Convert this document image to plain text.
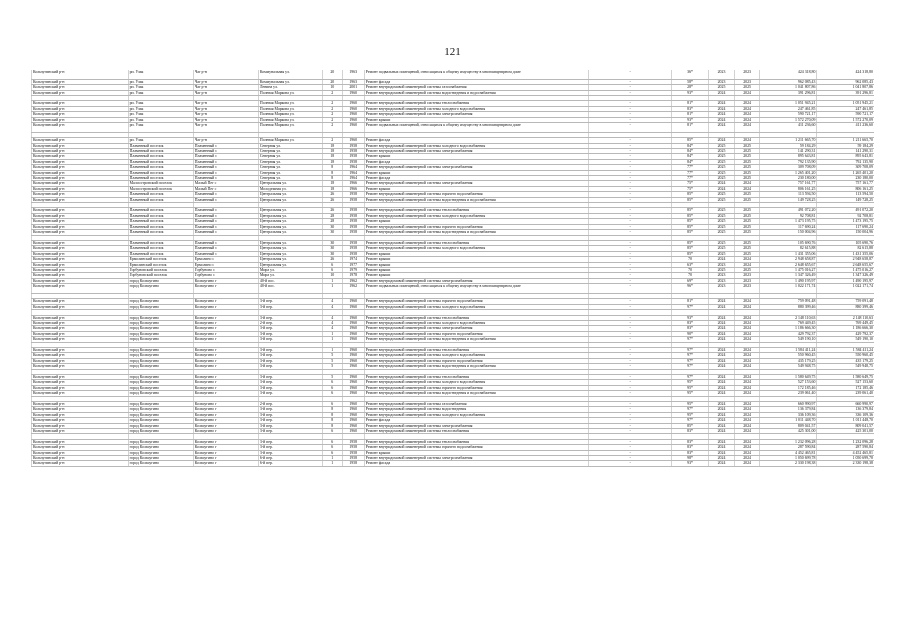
121
Кольчугинский р-н	рп. Улак	Чаг р-н	Коммунальная ул.	20	1963	Ремонт подвальных помещений, относящихся к общему имуществу в многоквартирном доме	-	36*	2023	2023	424 318,80	424 318,80
Кольчугинский р-н	рп. Улак	Чаг р-н	Коммунальная ул.	20	1963	Ремонт фасада	-	58*	2023	2023	962 085,43	962 085,43
Кольчугинский р-н	рп. Улак	Чаг р-н	Ленина ул.	10	2001	Ремонт внутридомовой инженерной системы газоснабжения	-	28*	2025	2025	1 041 807,86	1 041 807,86
Кольчугинский р-н	рп. Улак	Чаг р-н	Полевая Маркова ул.	2	1960	Ремонт внутридомовой инженерной системы водоотведения и водоснабжения	-	93*	2024	2024	391 296,81	391 296,81

Кольчугинский р-н	рп. Улак	Чаг р-н	Полевая Маркова ул.	2	1960	Ремонт внутридомовой инженерной системы теплоснабжения	-	81*	2024	2024	1 051 945,21	1 051 945,21
Кольчугинский р-н	рп. Улак	Чаг р-н	Полевая Маркова ул.	2	1960	Ремонт внутридомовой инженерной системы холодного водоснабжения	-	83*	2024	2024	247 461,85	247 461,85
Кольчугинский р-н	рп. Улак	Чаг р-н	Полевая Маркова ул.	2	1960	Ремонт внутридомовой инженерной системы электроснабжения	-	81*	2024	2024	590 721,17	590 721,17
Кольчугинский р-н	рп. Улак	Чаг р-н	Полевая Маркова ул.	2	1960	Ремонт крыши	-	93*	2024	2024	1 572 270,09	1 572 270,09
Кольчугинский р-н	рп. Улак	Чаг р-н	Полевая Маркова ул.	2	1960	Ремонт подвальных помещений, относящихся к общему имуществу в многоквартирном доме	-	81*	2024	2024	411 236,60	411 236,60

Кольчугинский р-н	рп. Улак	Чаг р-н	Полевая Маркова ул.	2	1960	Ремонт фасада	-	85*	2024	2024	1 211 665,70	1 211 665,70
Кольчугинский р-н	Пламенный поселок	Пламенный с	Северная ул.	18	1958	Ремонт внутридомовой инженерной системы холодного водоснабжения	-	84*	2025	2025	59 184,29	59 184,29
Кольчугинский р-н	Пламенный поселок	Пламенный с	Северная ул.	18	1958	Ремонт внутридомовой инженерной системы электроснабжения	-	84*	2025	2025	141 290,31	141 290,31
Кольчугинский р-н	Пламенный поселок	Пламенный с	Северная ул.	18	1958	Ремонт крыши	-	84*	2025	2025	895 643,81	895 643,81
Кольчугинский р-н	Пламенный поселок	Пламенный с	Северная ул.	18	1958	Ремонт фасада	-	84*	2025	2025	792 135,90	792 135,90
Кольчугинский р-н	Пламенный поселок	Пламенный с	Северная ул.	8	1964	Ремонт внутридомовой инженерной системы электроснабжения	-	77*	2025	2025	309 708,09	309 708,09
Кольчугинский р-н	Пламенный поселок	Пламенный с	Северная ул.	8	1964	Ремонт крыши	-	77*	2025	2025	1 265 401,20	1 265 401,20
Кольчугинский р-н	Пламенный поселок	Пламенный с	Северная ул.	8	1964	Ремонт фасада	-	77*	2025	2025	230 180,00	230 180,00
Кольчугинский р-н	Малоостровский поселок	Малый Пег с	Центральная ул.	18	1966	Ремонт внутридомовой инженерной системы электроснабжения	-	75*	2024	2024	757 161,77	757 161,77
Кольчугинский р-н	Малоостровский поселок	Малый Пег с	Молодежная ул.	18	1966	Ремонт крыши	-	75*	2024	2024	806 161,25	806 161,25
Кольчугинский р-н	Пламенный поселок	Пламенный с	Центральная ул.	26	1958	Ремонт внутридомовой инженерной системы горячего водоснабжения	-	85*	2025	2025	113 594,50	113 594,50
Кольчугинский р-н	Пламенный поселок	Пламенный с	Центральная ул.	26	1958	Ремонт внутридомовой инженерной системы водоотведения и водоснабжения	-	85*	2025	2025	149 728,25	149 728,25

Кольчугинский р-н	Пламенный поселок	Пламенный с	Центральная ул.	26	1958	Ремонт внутридомовой инженерной системы теплоснабжения	-	85*	2025	2025	491 072,20	491 072,20
Кольчугинский р-н	Пламенный поселок	Пламенный с	Центральная ул.	28	1958	Ремонт внутридомовой инженерной системы холодного водоснабжения	-	85*	2025	2025	92 708,81	92 708,81
Кольчугинский р-н	Пламенный поселок	Пламенный с	Центральная ул.	28	1958	Ремонт крыши	-	85*	2025	2025	1 473 195,75	1 473 195,75
Кольчугинский р-н	Пламенный поселок	Пламенный с	Центральная ул.	30	1958	Ремонт внутридомовой инженерной системы горячего водоснабжения	-	85*	2025	2025	117 690,24	117 690,24
Кольчугинский р-н	Пламенный поселок	Пламенный с	Центральная ул.	30	1958	Ремонт внутридомовой инженерной системы водоотведения и водоснабжения	-	85*	2025	2025	150 004,96	150 004,96

Кольчугинский р-н	Пламенный поселок	Пламенный с	Центральная ул.	30	1958	Ремонт внутридомовой инженерной системы теплоснабжения	-	85*	2025	2025	105 690,76	105 690,76
Кольчугинский р-н	Пламенный поселок	Пламенный с	Центральная ул.	30	1958	Ремонт внутридомовой инженерной системы холодного водоснабжения	-	85*	2025	2025	82 615,88	82 615,88
Кольчугинский р-н	Пламенный поселок	Пламенный с	Центральная ул.	30	1958	Ремонт крыши	-	85*	2025	2025	1 431 355,06	1 431 355,06
Кольчугинский р-н	Ермолинский поселок	Ермолино с	Центральная ул.	26	1974	Ремонт крыши	-	70	2024	2024	2 948 658,87	2 948 658,87
Кольчугинский р-н	Ермолинский поселок	Ермолино с	Центральная ул.	6	1977	Ремонт крыши	-	63*	2023	2024	2 648 655,67	2 648 655,67
Кольчугинский р-н	Горбуновский поселок	Горбуново с	Мира ул.	6	1979	Ремонт крыши	-	70	2025	2025	1 475 016,27	1 475 016,27
Кольчугинский р-н	Горбуновский поселок	Горбуново с	Мира ул.	10	1978	Ремонт крыши	-	70	2023	2023	1 347 326,49	1 347 326,49
Кольчугинский р-н	город Кольчугино	Кольчугино г	40-й пос.	1	1962	Ремонт внутридомовой инженерной системы электроснабжения	-	69*	2023	2023	1 490 195,97	1 490 195,97
Кольчугинский р-н	город Кольчугино	Кольчугино г	40-й пос.	1	1962	Ремонт подвальных помещений, относящихся к общему имуществу в многоквартирном доме	-	96*	2023	2023	1 022 171,74	1 022 171,74

Кольчугинский р-н	город Кольчугино	Кольчугино г	3-й пер.	4	1960	Ремонт внутридомовой инженерной системы горячего водоснабжения	-	81*	2024	2024	759 091,48	759 091,48
Кольчугинский р-н	город Кольчугино	Кольчугино г	3-й пер.	4	1960	Ремонт внутридомовой инженерной системы холодного водоснабжения	-	97*	2024	2024	880 399,46	880 399,46

Кольчугинский р-н	город Кольчугино	Кольчугино г	3-й пер.	4	1960	Ремонт внутридомовой инженерной системы теплоснабжения	-	93*	2024	2024	2 148 110,63	2 148 110,63
Кольчугинский р-н	город Кольчугино	Кольчугино г	2-й пер.	4	1960	Ремонт внутридомовой инженерной системы холодного водоснабжения	-	83*	2024	2024	769 449,45	769 449,45
Кольчугинский р-н	город Кольчугино	Кольчугино г	3-й пер.	4	1960	Ремонт внутридомовой инженерной системы электроснабжения	-	83*	2024	2024	1 186 666,30	1 186 666,30
Кольчугинский р-н	город Кольчугино	Кольчугино г	3-й пер.	1	1960	Ремонт внутридомовой инженерной системы горячего водоснабжения	-	90*	2024	2024	429 792,37	429 792,37
Кольчугинский р-н	город Кольчугино	Кольчугино г	3-й пер.	1	1960	Ремонт внутридомовой инженерной системы водоотведения и водоснабжения	-	97*	2024	2024	549 190,10	549 190,10

Кольчугинский р-н	город Кольчугино	Кольчугино г	3-й пер.	1	1960	Ремонт внутридомовой инженерной системы теплоснабжения	-	97*	2024	2024	1 584 411,24	1 584 411,24
Кольчугинский р-н	город Кольчугино	Кольчугино г	3-й пер.	5	1960	Ремонт внутридомовой инженерной системы холодного водоснабжения	-	97*	2024	2024	550 960,45	550 960,45
Кольчугинский р-н	город Кольчугино	Кольчугино г	3-й пер.	5	1960	Ремонт внутридомовой инженерной системы горячего водоснабжения	-	97*	2024	2024	435 179,25	435 179,25
Кольчугинский р-н	город Кольчугино	Кольчугино г	3-й пер.	5	1960	Ремонт внутридомовой инженерной системы водоотведения и водоснабжения	-	97*	2024	2024	549 948,75	549 948,75

Кольчугинский р-н	город Кольчугино	Кольчугино г	3-й пер.	5	1960	Ремонт внутридомовой инженерной системы теплоснабжения	-	97*	2024	2024	1 580 649,75	1 580 649,75
Кольчугинский р-н	город Кольчугино	Кольчугино г	3-й пер.	6	1960	Ремонт внутридомовой инженерной системы холодного водоснабжения	-	95*	2024	2024	527 153,60	527 153,60
Кольчугинский р-н	город Кольчугино	Кольчугино г	3-й пер.	6	1960	Ремонт внутридомовой инженерной системы горячего водоснабжения	-	95*	2024	2024	172 185,46	172 185,46
Кольчугинский р-н	город Кольчугино	Кольчугино г	3-й пер.	6	1960	Ремонт внутридомовой инженерной системы водоотведения и водоснабжения	-	95*	2024	2024	239 061,40	239 061,40

Кольчугинский р-н	город Кольчугино	Кольчугино г	2-й пер.	6	1960	Ремонт внутридомовой инженерной системы газоснабжения	-	95*	2024	2024	660 990,97	660 990,97
Кольчугинский р-н	город Кольчугино	Кольчугино г	3-й пер.	8	1960	Ремонт внутридомовой инженерной системы водоотведения	-	97*	2024	2024	136 379,84	136 379,84
Кольчугинский р-н	город Кольчугино	Кольчугино г	3-й пер.	8	1960	Ремонт внутридомовой инженерной системы холодного водоснабжения	-	95*	2024	2024	336 109,36	336 109,36
Кольчугинский р-н	город Кольчугино	Кольчугино г	3-й пер.	8	1960	Ремонт фасада	-	97*	2024	2024	1 011 448,70	1 011 448,70
Кольчугинский р-н	город Кольчугино	Кольчугино г	3-й пер.	8	1960	Ремонт внутридомовой инженерной системы электроснабжения	-	85*	2024	2024	809 041,57	809 041,57
Кольчугинский р-н	город Кольчугино	Кольчугино г	3-й пер.	6	1960	Ремонт внутридомовой инженерной системы теплоснабжения	-	83*	2024	2024	425 301,00	425 301,00

Кольчугинский р-н	город Кольчугино	Кольчугино г	3-й пер.	6	1958	Ремонт внутридомовой инженерной системы теплоснабжения	-	83*	2024	2024	1 232 096,28	1 232 096,28
Кольчугинский р-н	город Кольчугино	Кольчугино г	3-й пер.	6	1958	Ремонт внутридомовой инженерной системы горячего водоснабжения	-	83*	2024	2024	287 590,84	287 590,84
Кольчугинский р-н	город Кольчугино	Кольчугино г	3-й пер.	6	1958	Ремонт крыши	-	83*	2024	2024	4 452 465,81	4 452 465,81
Кольчугинский р-н	город Кольчугино	Кольчугино г	6-й пер.	1	1958	Ремонт внутридомовой инженерной системы электроснабжения	-	98*	2024	2024	1 050 699,78	1 050 699,78
Кольчугинский р-н	город Кольчугино	Кольчугино г	6-й пер.	1	1958	Ремонт фасада	-	93*	2024	2024	2 330 198,38	2 330 198,38
